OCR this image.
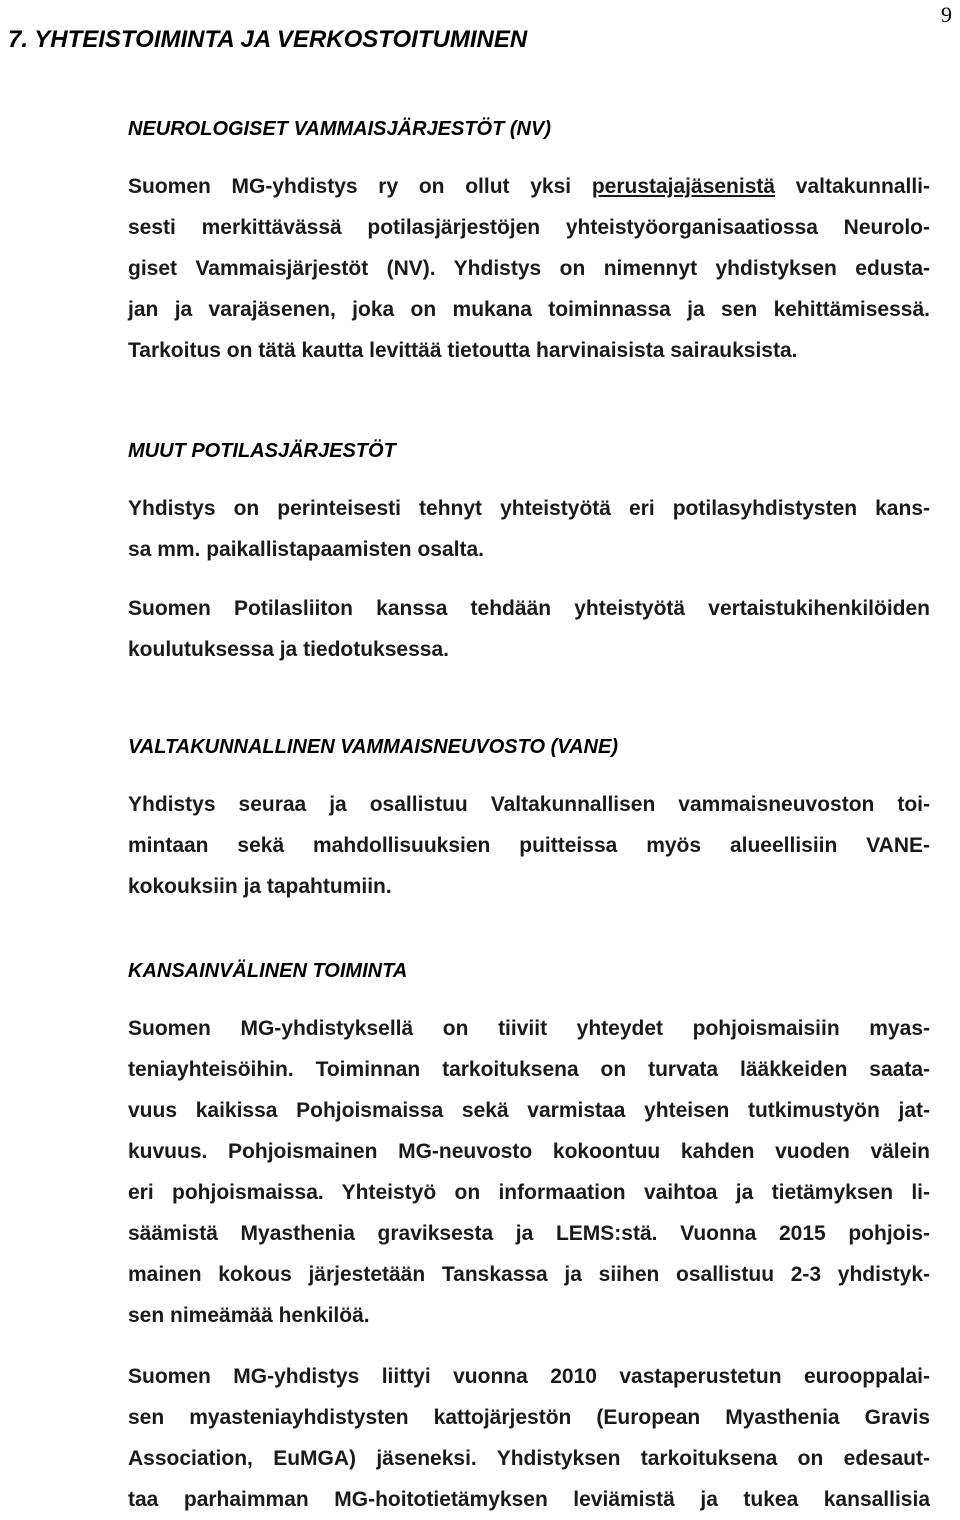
9
7. YHTEISTOIMINTA JA VERKOSTOITUMINEN
NEUROLOGISET VAMMAISJÄRJESTÖT (NV)
Suomen MG-yhdistys ry on ollut yksi perustajajäsenistä valtakunnalli-
sesti merkittävässä potilasjärjestöjen yhteistyöorganisaatiossa Neurolo-
giset Vammaisjärjestöt (NV). Yhdistys on nimennyt yhdistyksen edusta-
jan ja varajäsenen, joka on mukana toiminnassa ja sen kehittämisessä.
Tarkoitus on tätä kautta levittää tietoutta harvinaisista sairauksista.
MUUT POTILASJÄRJESTÖT
Yhdistys on perinteisesti tehnyt yhteistyötä eri potilasyhdistysten kans-
sa mm. paikallistapaamisten osalta.
Suomen Potilasliiton kanssa tehdään yhteistyötä vertaistukihenkilöiden
koulutuksessa ja tiedotuksessa.
VALTAKUNNALLINEN VAMMAISNEUVOSTO (VANE)
Yhdistys seuraa ja osallistuu Valtakunnallisen vammaisneuvoston toi-
mintaan sekä mahdollisuuksien puitteissa myös alueellisiin VANE-
kokouksiin ja tapahtumiin.
KANSAINVÄLINEN TOIMINTA
Suomen MG-yhdistyksellä on tiiviit yhteydet pohjoismaisiin myas-
teniayhteisöihin. Toiminnan tarkoituksena on turvata lääkkeiden saata-
vuus kaikissa Pohjoismaissa sekä varmistaa yhteisen tutkimustyön jat-
kuvuus. Pohjoismainen MG-neuvosto kokoontuu kahden vuoden välein
eri pohjoismaissa. Yhteistyö on informaation vaihtoa ja tietämyksen li-
säämistä Myasthenia graviksesta ja LEMS:stä. Vuonna 2015 pohjois-
mainen kokous järjestetään Tanskassa ja siihen osallistuu 2-3 yhdistyk-
sen nimeämää henkilöä.
Suomen MG-yhdistys liittyi vuonna 2010 vastaperustetun eurooppalai-
sen myasteniayhdistysten kattojärjestön (European Myasthenia Gravis
Association, EuMGA) jäseneksi. Yhdistyksen tarkoituksena on edesaut-
taa parhaimman MG-hoitotietämyksen leviämistä ja tukea kansallisia
